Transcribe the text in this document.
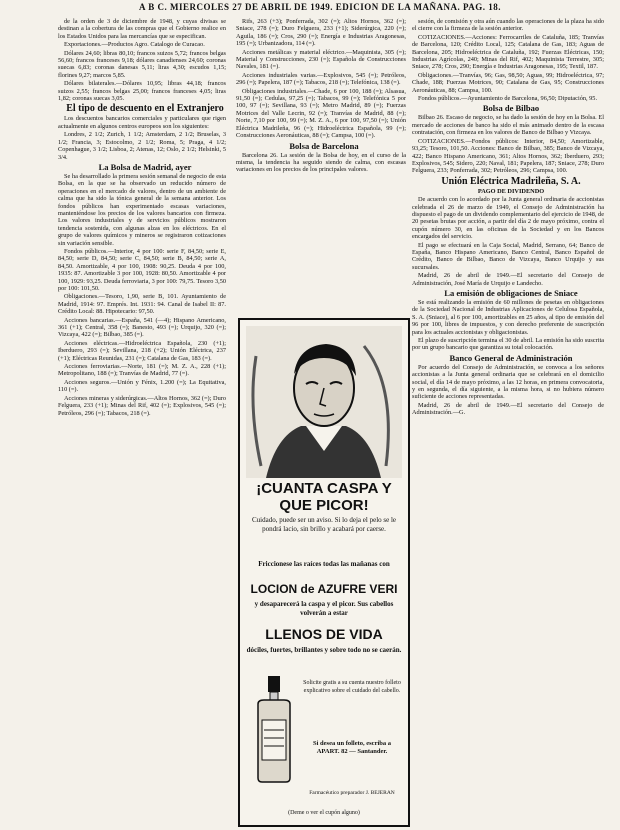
A B C. MIERCOLES 27 DE ABRIL DE 1949. EDICION DE LA MAÑANA. PAG. 18.

de la orden de 3 de diciembre de 1948, y cuyas divisas se destinan a la cobertura de las compras que el Gobierno realice en los Estados Unidos para las mercancías que se especifican.

Exportaciones.—Productos Agro. Catalogo de Curacao.

Dólares 24,60; libras 80,10; francos suizos 5,72; francos belgas 56,60; francos franceses 9,18; dólares canadienses 24,60; coronas suecas 6,83; coronas danesas 5,11; liras 4,30; escudos 1,15; florines 9,27; marcos 5,85.

Dólares bilaterales.—Dólares 10,95; libras 44,18; francos suizos 2,55; francos belgas 25,00; francos franceses 4,05; liras 1,82; coronas suecas 3,05.

El tipo de descuento en el Extranjero

Los descuentos bancarios comerciales y particulares que rigen actualmente en algunos centros europeos son los siguientes:

Londres, 2 1/2; Zurich, 1 1/2; Amsterdam, 2 1/2; Bruselas, 3 1/2; Francia, 3; Estocolmo, 2 1/2; Roma, 5; Praga, 4 1/2; Copenhague, 3 1/2; Lisboa, 2; Atenas, 12; Oslo, 2 1/2; Helsinki, 5 3/4.

La Bolsa de Madrid, ayer

Se ha desarrollado la primera sesión semanal de negocio de esta Bolsa, en la que se ha observado un reducido número de operaciones en el mercado de valores, dentro de un ambiente de calma que ha sido la tónica general de la semana anterior. Los fondos públicos han experimentado escasas variaciones, manteniéndose los precios de los valores bancarios con firmeza. Los valores industriales y de servicios públicos mostraron tendencia sostenida, con algunas alzas en los eléctricos. En el grupo de valores químicos y mineros se registraron cotizaciones sin variación sensible.

Fondos públicos.—Interior, 4 por 100: serie F, 84,50; serie E, 84,50; serie D, 84,50; serie C, 84,50; serie B, 84,50; serie A, 84,50. Amortizable, 4 por 100, 1908: 90,25. Deuda 4 por 100, 1935: 87. Amortizable 3 por 100, 1928: 80,50. Amortizable 4 por 100, 1929: 93,25. Deuda ferroviaria, 3 por 100: 79,75. Tesoro 3,50 por 100: 101,50.

Obligaciones.—Tesoro, 1,90, serie B, 101. Ayuntamiento de Madrid, 1914: 97. Emprés. Int. 1931: 94. Canal de Isabel II: 87. Crédito Local: 88. Hipotecario: 97,50.

Acciones bancarias.—España, 541 (—4); Hispano Americano, 361 (+1); Central, 358 (=); Banesto, 493 (=); Urquijo, 320 (=); Vizcaya, 422 (=); Bilbao, 385 (=).

Acciones eléctricas.—Hidroeléctrica Española, 230 (+1); Iberduero, 293 (=); Sevillana, 218 (+2); Unión Eléctrica, 237 (+1); Eléctricas Reunidas, 231 (=); Catalana de Gas, 183 (=).

Acciones ferroviarias.—Norte, 181 (=); M. Z. A., 228 (+1); Metropolitano, 188 (=); Tranvías de Madrid, 77 (=).

Acciones seguros.—Unión y Fénix, 1.200 (=); La Equitativa, 110 (=).

Acciones mineras y siderúrgicas.—Altos Hornos, 362 (=); Duro Felguera, 233 (+1); Minas del Rif, 402 (=); Explosivos, 545 (=); Petróleos, 296 (=); Tabacos, 218 (=).

Rifs, 263 (+3); Ponferrada, 302 (=); Altos Hornos, 362 (=); Sniace, 278 (=); Duro Felguera, 233 (+1); Siderúrgica, 220 (=); Aguila, 186 (=); Cros, 290 (=); Energía e Industrias Aragonesas, 195 (=); Urbanizadora, 114 (=).

Acciones metálicas y material eléctrico.—Maquinista, 305 (=); Material y Construcciones, 230 (=); Española de Construcciones Navales, 181 (=).

Acciones industriales varias.—Explosivos, 545 (=); Petróleos, 296 (=); Papelera, 187 (=); Tabacos, 218 (=); Telefónica, 138 (=).

Obligaciones industriales.—Chade, 6 por 100, 188 (=); Alsasua, 91,50 (=); Cedulas, 97,25 (=); Tabacos, 99 (=); Telefónica 5 por 100, 97 (=); Sevillana, 93 (=); Metro Madrid, 89 (=); Fuerzas Motrices del Valle Lecrin, 92 (=); Tranvías de Madrid, 88 (=); Norte, 7,10 por 100, 99 (=); M. Z. A., 6 por 100, 97,50 (=); Unión Eléctrica Madrileña, 96 (=); Hidroeléctrica Española, 99 (=); Construcciones Aeronáuticas, 88 (=); Campsa, 100 (=).

Bolsa de Barcelona

Barcelona 26. La sesión de la Bolsa de hoy, en el curso de la misma, la tendencia ha seguido siendo de calma, con escasas variaciones en los precios de los principales valores.

¡CUANTA CASPA Y QUE PICOR!
Cuidado, puede ser un aviso. Si lo deja el pelo se le pondrá lacio, sin brillo y acabará por caerse.
Friccionese las raíces todas las mañanas con
LOCION de AZUFRE VERI
y desaparecerá la caspa y el picor. Sus cabellos volverán a estar
LLENOS DE VIDA
dóciles, fuertes, brillantes y sobre todo no se caerán.
Solicite gratis a su cuenta nuestro folleto explicativo sobre el cuidado del cabello.
Si desea un folleto, escriba a APART. 82 — Santander.
Farmacéutico preparador J. BEJERAN
(Deme o ver el cupón alguno)

sesión, de comisión y otra aún cuando las operaciones de la plaza ha sido el cierre con la firmeza de la sesión anterior.

COTIZACIONES.—Acciones: Ferrocarriles de Cataluña, 185; Tranvías de Barcelona, 120; Crédito Local, 125; Catalana de Gas, 183; Aguas de Barcelona, 205; Hidroeléctrica de Cataluña, 192; Fuerzas Eléctricas, 150; Industrias Agrícolas, 240; Minas del Rif, 402; Maquinista Terrestre, 305; Sniace, 278; Cros, 290; Energía e Industrias Aragonesas, 195; Textil, 187.

Obligaciones.—Tranvías, 96; Gas, 98,50; Aguas, 99; Hidroeléctrica, 97; Chade, 188; Fuerzas Motrices, 90; Catalana de Gas, 95; Construcciones Aeronáuticas, 88; Campsa, 100.

Fondos públicos.—Ayuntamiento de Barcelona, 96,50; Diputación, 95.

Bolsa de Bilbao

Bilbao 26. Escaso de negocio, se ha dado la sesión de hoy en la Bolsa. El mercado de acciones de banco ha sido el más animado dentro de la escasa contratación, con firmeza en los valores de Banco de Bilbao y Vizcaya.

COTIZACIONES.—Fondos públicos: Interior, 84,50; Amortizable, 93,25; Tesoro, 101,50. Acciones: Banco de Bilbao, 385; Banco de Vizcaya, 422; Banco Hispano Americano, 361; Altos Hornos, 362; Iberduero, 293; Explosivos, 545; Sidero, 220; Naval, 181; Papelera, 187; Sniace, 278; Duro Felguera, 233; Ponferrada, 302; Petróleos, 296; Campsa, 100.

Unión Eléctrica Madrileña, S. A.

PAGO DE DIVIDENDO

De acuerdo con lo acordado por la Junta general ordinaria de accionistas celebrada el 26 de marzo de 1949, el Consejo de Administración ha dispuesto el pago de un dividendo complementario del ejercicio de 1948, de 20 pesetas brutas por acción, a partir del día 2 de mayo próximo, contra el cupón número 30, en las oficinas de la Sociedad y en los Bancos encargados del servicio.

El pago se efectuará en la Caja Social, Madrid, Serrano, 64; Banco de España, Banco Hispano Americano, Banco Central, Banco Español de Crédito, Banco de Bilbao, Banco de Vizcaya, Banco Urquijo y sus sucursales.

Madrid, 26 de abril de 1949.—El secretario del Consejo de Administración, José María de Urquijo e Landecho.

La emisión de obligaciones de Sniace

Se está realizando la emisión de 60 millones de pesetas en obligaciones de la Sociedad Nacional de Industrias Aplicaciones de Celulosa Española, S. A. (Sniace), al 6 por 100, amortizables en 25 años, al tipo de emisión del 96 por 100, libres de impuestos, y con derecho preferente de suscripción para los actuales accionistas y obligacionistas.

El plazo de suscripción termina el 30 de abril. La emisión ha sido suscrita por un grupo bancario que garantiza su total colocación.

Banco General de Administración

Por acuerdo del Consejo de Administración, se convoca a los señores accionistas a la Junta general ordinaria que se celebrará en el domicilio social, el día 14 de mayo próximo, a las 12 horas, en primera convocatoria, y en segunda, el día siguiente, a la misma hora, si no hubiera número suficiente de acciones representadas.

Madrid, 26 de abril de 1949.—El secretario del Consejo de Administración.—G.
